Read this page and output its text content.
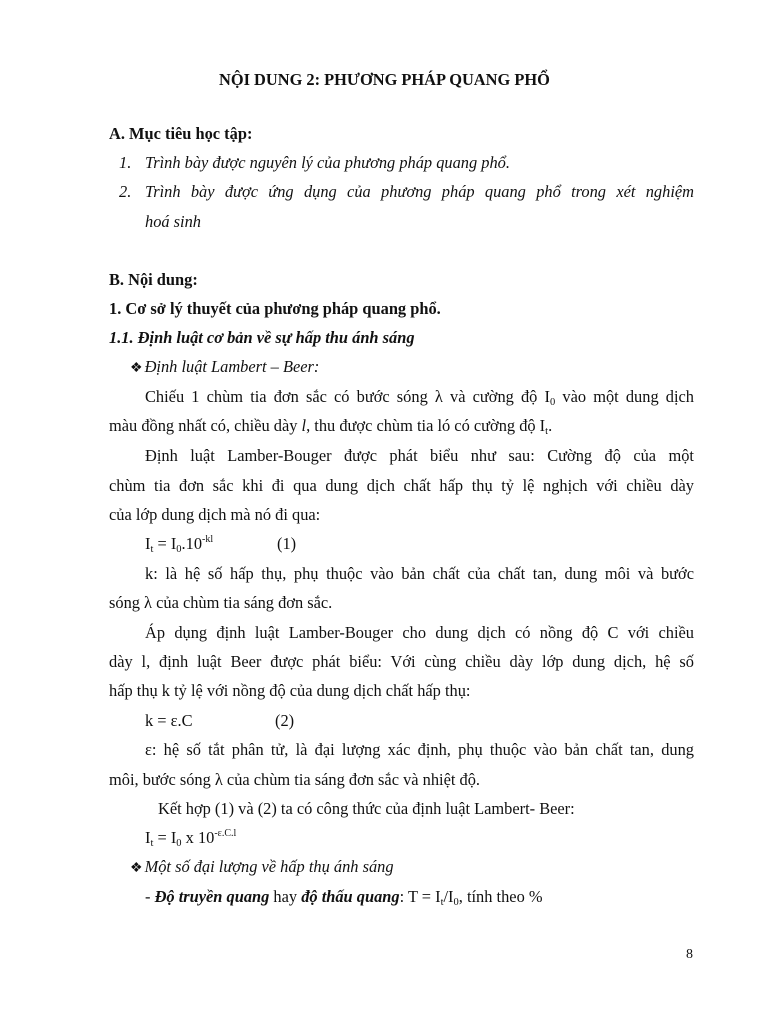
NỘI DUNG 2: PHƯƠNG PHÁP QUANG PHỔ
A. Mục tiêu học tập:
1. Trình bày được nguyên lý của phương pháp quang phổ.
2. Trình bày được ứng dụng của phương pháp quang phổ trong xét nghiệm
hoá sinh
B. Nội dung:
1. Cơ sở lý thuyết của phương pháp quang phổ.
1.1. Định luật cơ bản về sự hấp thu ánh sáng
❖ Định luật Lambert – Beer:
Chiếu 1 chùm tia đơn sắc có bước sóng λ và cường độ $I_0$ vào một dung dịch
màu đồng nhất có, chiều dày l, thu được chùm tia ló có cường độ $I_t$.
Định luật Lamber-Bouger được phát biểu như sau: Cường độ của một
chùm tia đơn sắc khi đi qua dung dịch chất hấp thụ tỷ lệ nghịch với chiều dày
của lớp dung dịch mà nó đi qua:
$I_t = I_0.10^{-kl}$	(1)
k: là hệ số hấp thụ, phụ thuộc vào bản chất của chất tan, dung môi và bước
sóng λ của chùm tia sáng đơn sắc.
Áp dụng định luật Lamber-Bouger cho dung dịch có nồng độ C với chiều
dày l, định luật Beer được phát biểu: Với cùng chiều dày lớp dung dịch, hệ số
hấp thụ k tỷ lệ với nồng độ của dung dịch chất hấp thụ:
k = ε.C	(2)
ε: hệ số tắt phân tử, là đại lượng xác định, phụ thuộc vào bản chất tan, dung
môi, bước sóng λ của chùm tia sáng đơn sắc và nhiệt độ.
Kết hợp (1) và (2) ta có công thức của định luật Lambert- Beer:
$I_t = I_0$ x $10^{-\varepsilon.C.l}$
❖ Một số đại lượng về hấp thụ ánh sáng
- Độ truyền quang hay độ thấu quang: $T = I_t/I_0$, tính theo %
8
